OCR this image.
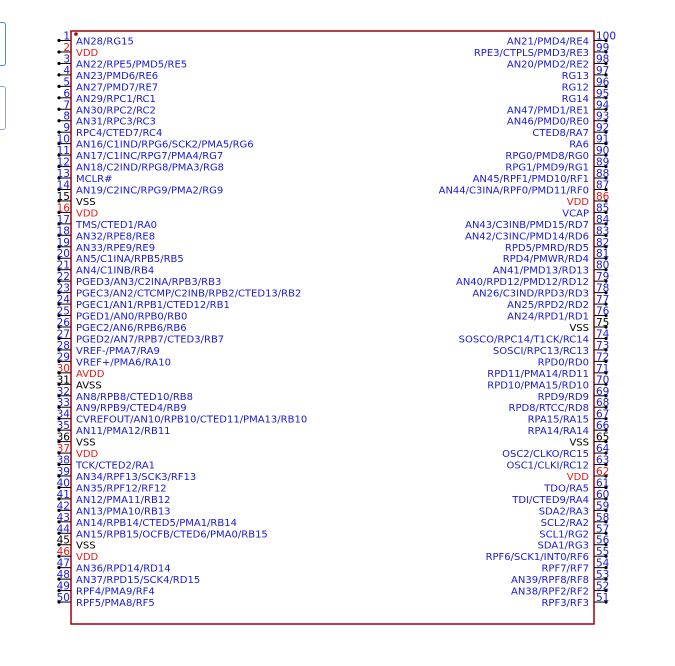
1 AN28/RG15
2 VDD
3 AN22/RPE5/PMD5/RE5
4 AN23/PMD6/RE6
5 AN27/PMD7/RE7
6 AN29/RPC1/RC1
7 AN30/RPC2/RC2
8 AN31/RPC3/RC3
9 RPC4/CTED7/RC4
10 AN16/C1IND/RPG6/SCK2/PMA5/RG6
11 AN17/C1INC/RPG7/PMA4/RG7
12 AN18/C2IND/RPG8/PMA3/RG8
13 MCLR#
14 AN19/C2INC/RPG9/PMA2/RG9
15 VSS
16 VDD
17 TMS/CTED1/RA0
18 AN32/RPE8/RE8
19 AN33/RPE9/RE9
20 AN5/C1INA/RPB5/RB5
21 AN4/C1INB/RB4
22 PGED3/AN3/C2INA/RPB3/RB3
23 PGEC3/AN2/CTCMP/C2INB/RPB2/CTED13/RB2
24 PGEC1/AN1/RPB1/CTED12/RB1
25 PGED1/AN0/RPB0/RB0
26 PGEC2/AN6/RPB6/RB6
27 PGED2/AN7/RPB7/CTED3/RB7
28 VREF-/PMA7/RA9
29 VREF+/PMA6/RA10
30 AVDD
31 AVSS
32 AN8/RPB8/CTED10/RB8
33 AN9/RPB9/CTED4/RB9
34 CVREFOUT/AN10/RPB10/CTED11/PMA13/RB10
35 AN11/PMA12/RB11
36 VSS
37 VDD
38 TCK/CTED2/RA1
39 AN34/RPF13/SCK3/RF13
40 AN35/RPF12/RF12
41 AN12/PMA11/RB12
42 AN13/PMA10/RB13
43 AN14/RPB14/CTED5/PMA1/RB14
44 AN15/RPB15/OCFB/CTED6/PMA0/RB15
45 VSS
46 VDD
47 AN36/RPD14/RD14
48 AN37/RPD15/SCK4/RD15
49 RPF4/PMA9/RF4
50 RPF5/PMA8/RF5
100
AN21/PMD4/RE4 99
RPE3/CTPLS/PMD3/RE3 98
AN20/PMD2/RE2 97
RG13 96
RG12 95
RG14 94
AN47/PMD1/RE1 93
AN46/PMD0/RE0 92
CTED8/RA7 91
RA6 90
RPG0/PMD8/RG0 89
RPG1/PMD9/RG1 88
AN45/RPF1/PMD10/RF1 87
AN44/C3INA/RPF0/PMD11/RF0 86
VDD 85
VCAP 84
AN43/C3INB/PMD15/RD7 83
AN42/C3INC/PMD14/RD6 82
RPD5/PMRD/RD5 81
RPD4/PMWR/RD4 80
AN41/PMD13/RD13 79
AN40/RPD12/PMD12/RD12 78
AN26/C3IND/RPD3/RD3 77
AN25/RPD2/RD2 76
AN24/RPD1/RD1 75
VSS 74
SOSCO/RPC14/T1CK/RC14 73
SOSCI/RPC13/RC13 72
RPD0/RD0 71
RPD11/PMA14/RD11 70
RPD10/PMA15/RD10 69
RPD9/RD9 68
RPD8/RTCC/RD8 67
RPA15/RA15 66
RPA14/RA14 65
VSS 64
OSC2/CLKO/RC15 63
OSC1/CLKI/RC12 62
VDD 61
TDO/RA5 60
TDI/CTED9/RA4 59
SDA2/RA3 58
SCL2/RA2 57
SCL1/RG2 56
SDA1/RG3 55
RPF6/SCK1/INT0/RF6 54
RPF7/RF7 53
AN39/RPF8/RF8 52
AN38/RPF2/RF2 51
RPF3/RF3
